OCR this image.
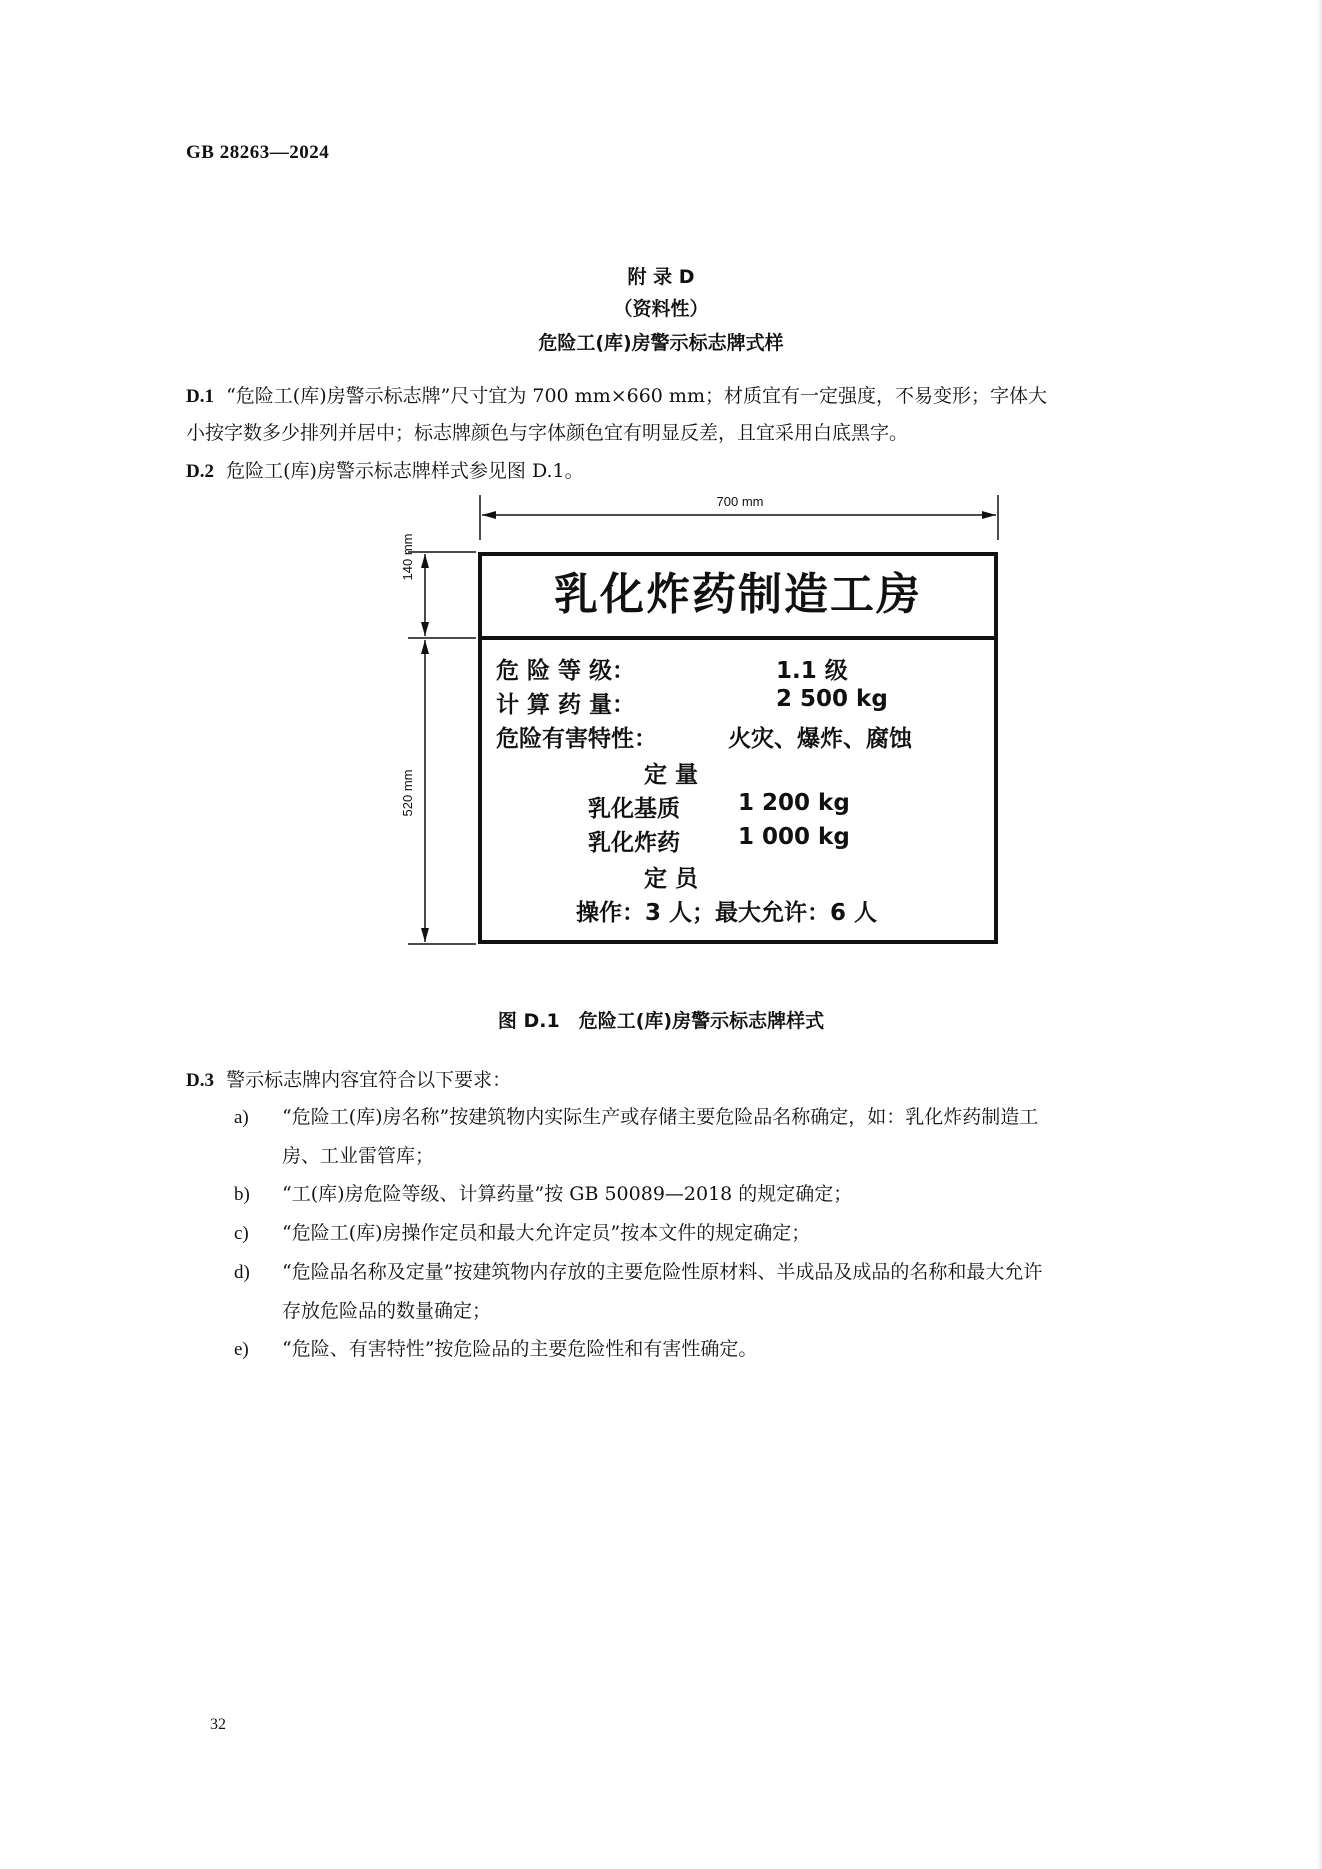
GB 28263—2024
附 录 D
（资料性）
危险工(库)房警示标志牌式样
D.1 “危险工(库)房警示标志牌”尺寸宜为 700 mm×660 mm；材质宜有一定强度，不易变形；字体大
小按字数多少排列并居中；标志牌颜色与字体颜色宜有明显反差，且宜采用白底黑字。
D.2 危险工(库)房警示标志牌样式参见图 D.1。
700 mm
140 mm
520 mm
乳化炸药制造工房
危 险 等 级：	1.1 级
计 算 药 量：	2 500 kg
危险有害特性：	火灾、爆炸、腐蚀
定 量
乳化基质	1 200 kg
乳化炸药	1 000 kg
定 员
操作：3 人；最大允许：6 人
图 D.1　危险工(库)房警示标志牌样式
D.3 警示标志牌内容宜符合以下要求：
a) “危险工(库)房名称”按建筑物内实际生产或存储主要危险品名称确定，如：乳化炸药制造工
房、工业雷管库；
b) “工(库)房危险等级、计算药量”按 GB 50089—2018 的规定确定；
c) “危险工(库)房操作定员和最大允许定员”按本文件的规定确定；
d) “危险品名称及定量”按建筑物内存放的主要危险性原材料、半成品及成品的名称和最大允许
存放危险品的数量确定；
e) “危险、有害特性”按危险品的主要危险性和有害性确定。
32
